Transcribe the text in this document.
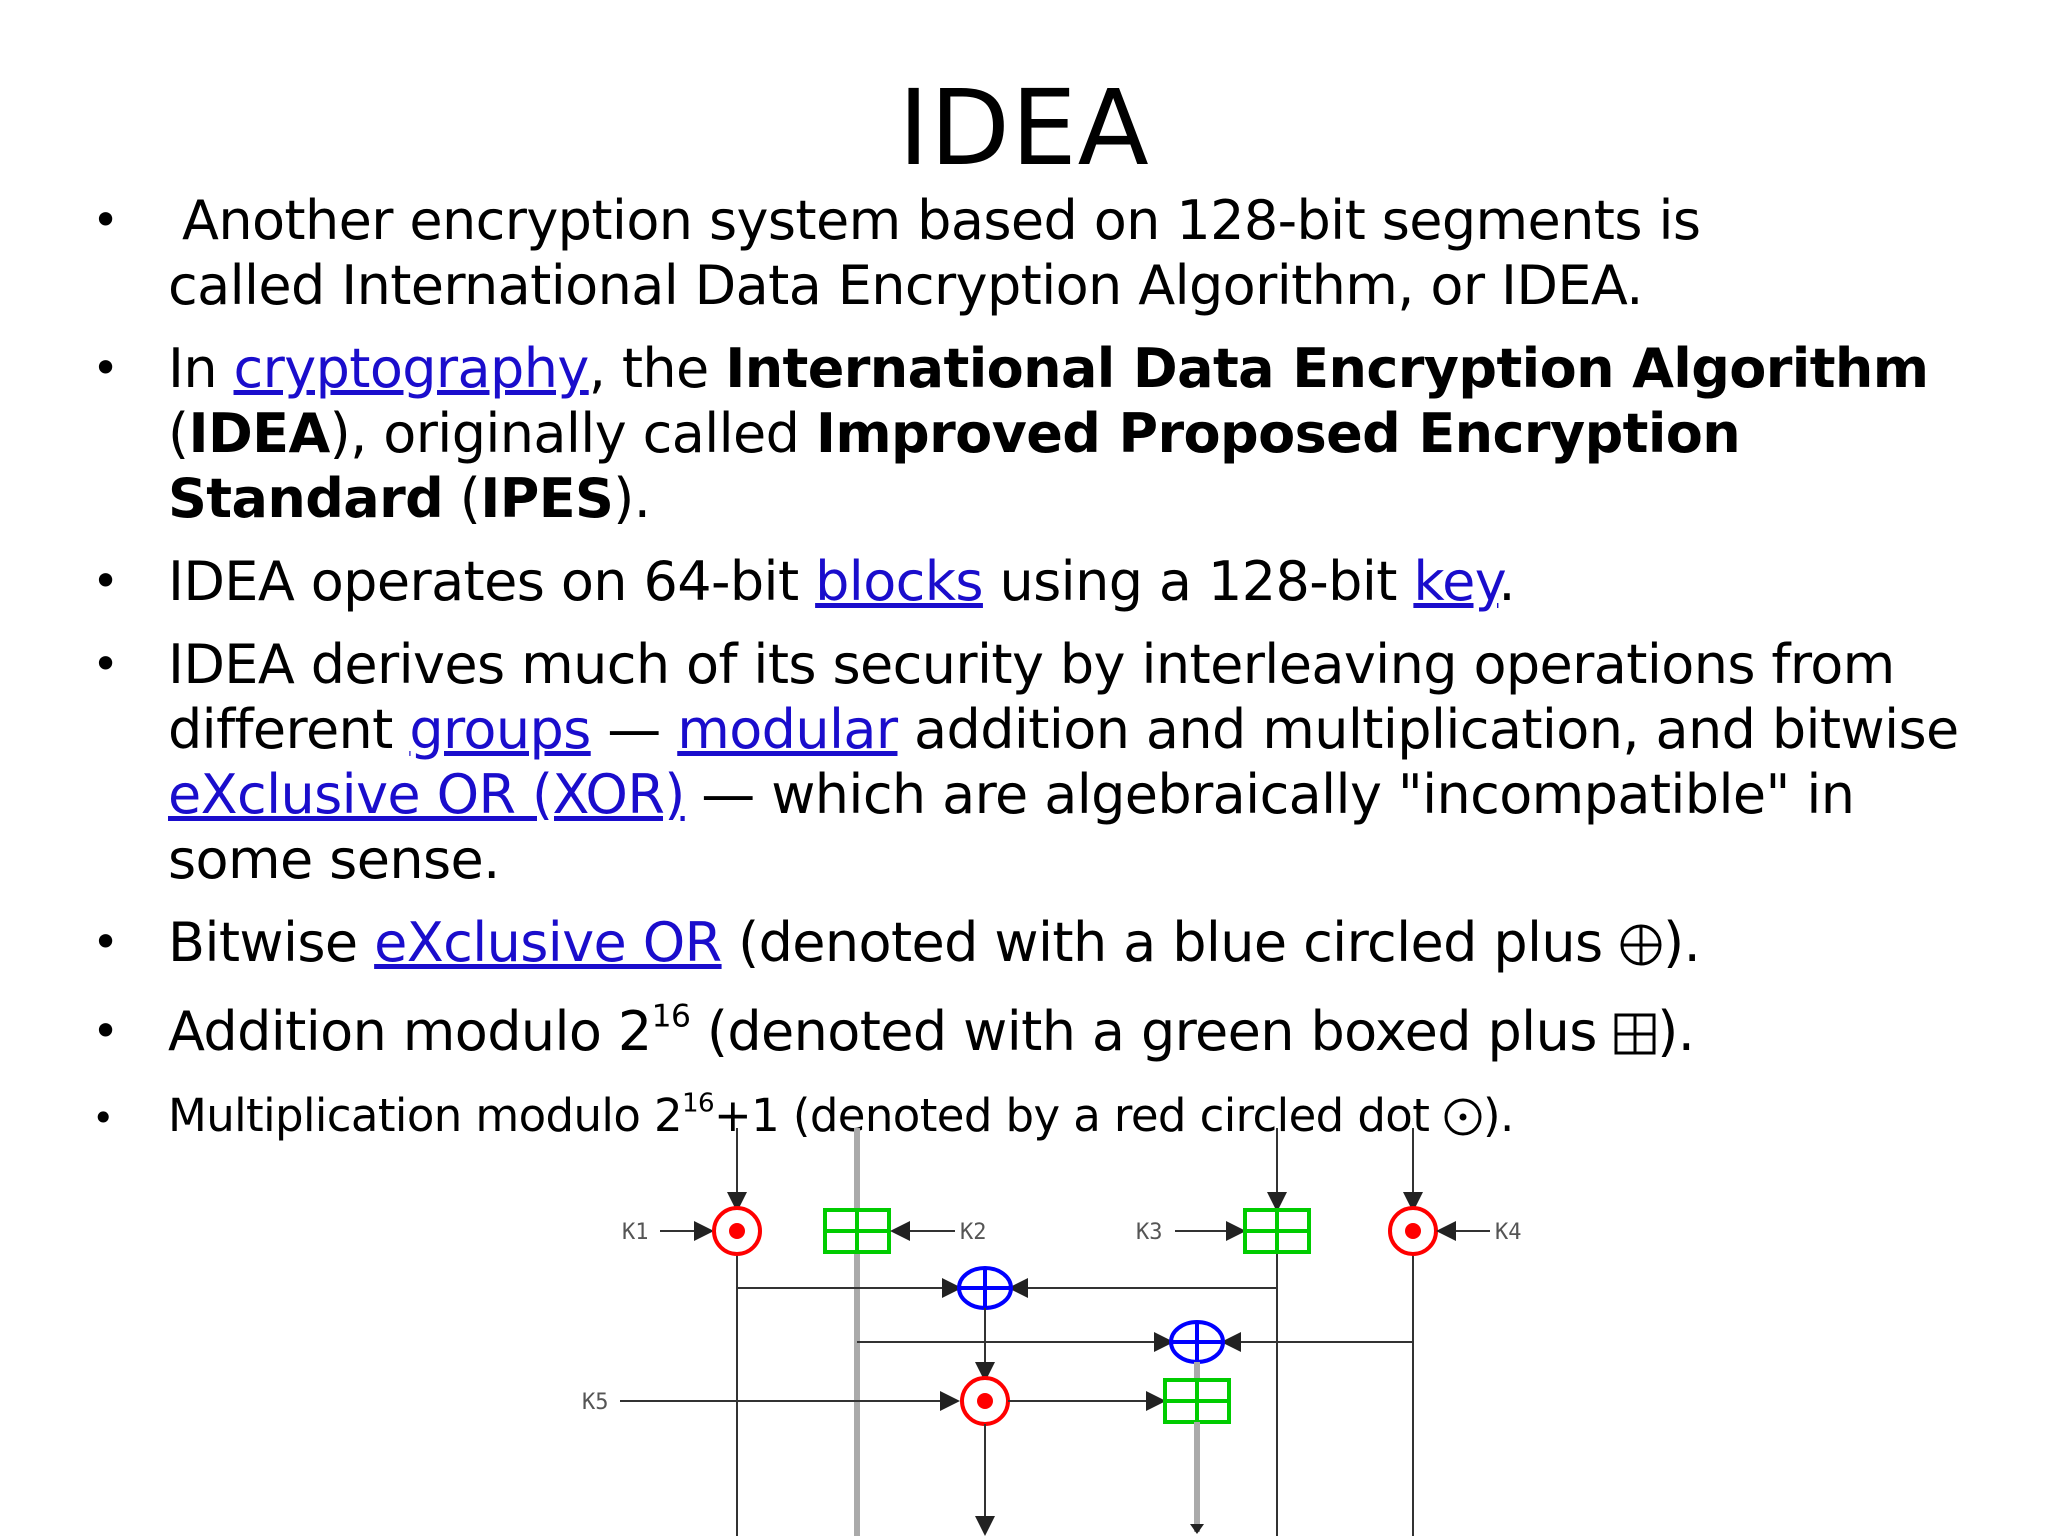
IDEA
• Another encryption system based on 128-bit segments is
called International Data Encryption Algorithm, or IDEA.
• In cryptography, the International Data Encryption Algorithm (IDEA), originally called Improved Proposed Encryption Standard (IPES).
• IDEA operates on 64-bit blocks using a 128-bit key.
• IDEA derives much of its security by interleaving operations from different groups — modular addition and multiplication, and bitwise eXclusive OR (XOR) — which are algebraically "incompatible" in some sense.
• Bitwise eXclusive OR (denoted with a blue circled plus ).
• Addition modulo $2^{16}$ (denoted with a green boxed plus ).
• Multiplication modulo $2^{16}+1$ (denoted by a red circled dot ).
K1	K2	K3	K4
K5
